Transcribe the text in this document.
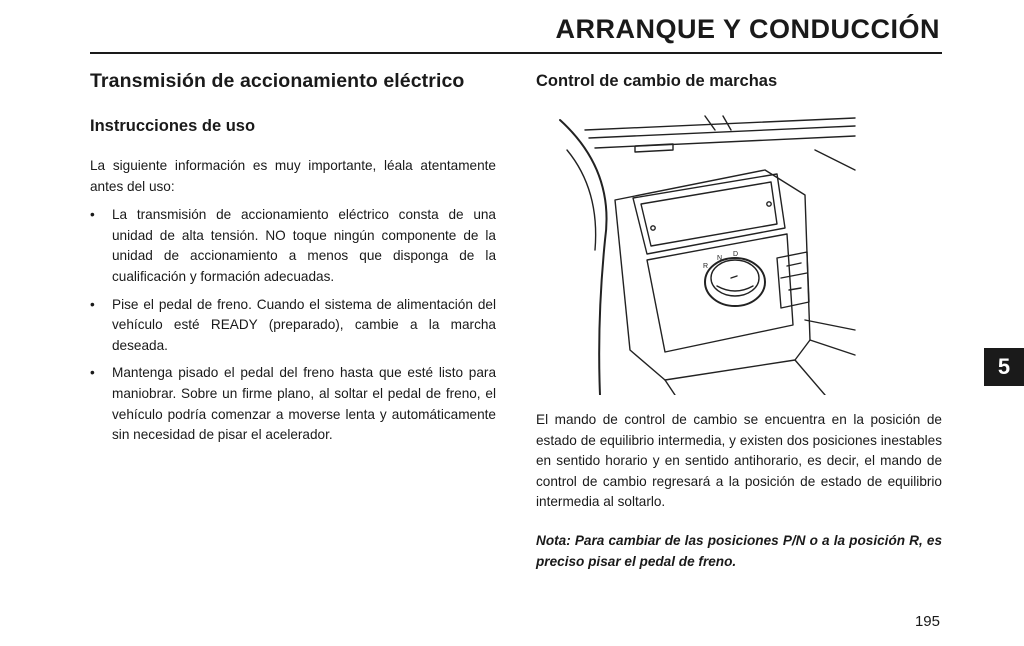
ARRANQUE Y CONDUCCIÓN
Transmisión de accionamiento eléctrico
Instrucciones de uso

La siguiente información es muy importante, léala atentamente antes del uso:

• La transmisión de accionamiento eléctrico consta de una unidad de alta tensión. NO toque ningún componente de la unidad de accionamiento a menos que disponga de la cualificación y formación adecuadas.
• Pise el pedal de freno. Cuando el sistema de alimentación del vehículo esté READY (preparado), cambie a la marcha deseada.
• Mantenga pisado el pedal del freno hasta que esté listo para maniobrar. Sobre un firme plano, al soltar el pedal de freno, el vehículo podría comenzar a moverse lenta y automáticamente sin necesidad de pisar el acelerador.
Control de cambio de marchas
R
N
D

El mando de control de cambio se encuentra en la posición de estado de equilibrio intermedia, y existen dos posiciones inestables en sentido horario y en sentido antihorario, es decir, el mando de control de cambio regresará a la posición de estado de equilibrio intermedia al soltarlo.

Nota: Para cambiar de las posiciones P/N o a la posición R, es preciso pisar el pedal de freno.

5
195
